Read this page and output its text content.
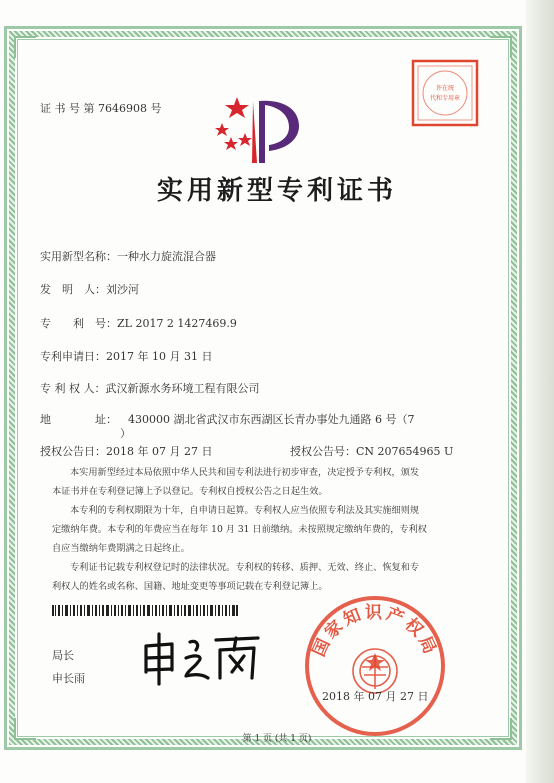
证 书 号 第 7646908 号
许在统
代和专用章
实用新型专利证书
实用新型名称：一种水力旋流混合器
发　明　人：刘沙河
专　　利　号：ZL 2017 2 1427469.9
专利申请日：2017 年 10 月 31 日
专 利 权 人：武汉新源水务环境工程有限公司
地　　　　址： 430000 湖北省武汉市东西湖区长青办事处九通路 6 号（7
）
授权公告日：2018 年 07 月 27 日	授权公告号：CN 207654965 U
本实用新型经过本局依照中华人民共和国专利法进行初步审查，决定授予专利权，颁发
本证书并在专利登记簿上予以登记。专利权自授权公告之日起生效。
本专利的专利权期限为十年，自申请日起算。专利权人应当依照专利法及其实施细则规
定缴纳年费。本专利的年费应当在每年 10 月 31 日前缴纳。未按照规定缴纳年费的，专利权
自应当缴纳年费期满之日起终止。
专利证书记载专利权登记时的法律状况。专利权的转移、质押、无效、终止、恢复和专
利权人的姓名或名称、国籍、地址变更等事项记载在专利登记簿上。
局长
申长雨
国家知识产权局
2018 年 07 月 27 日
第 1 页 (共 1 页)
